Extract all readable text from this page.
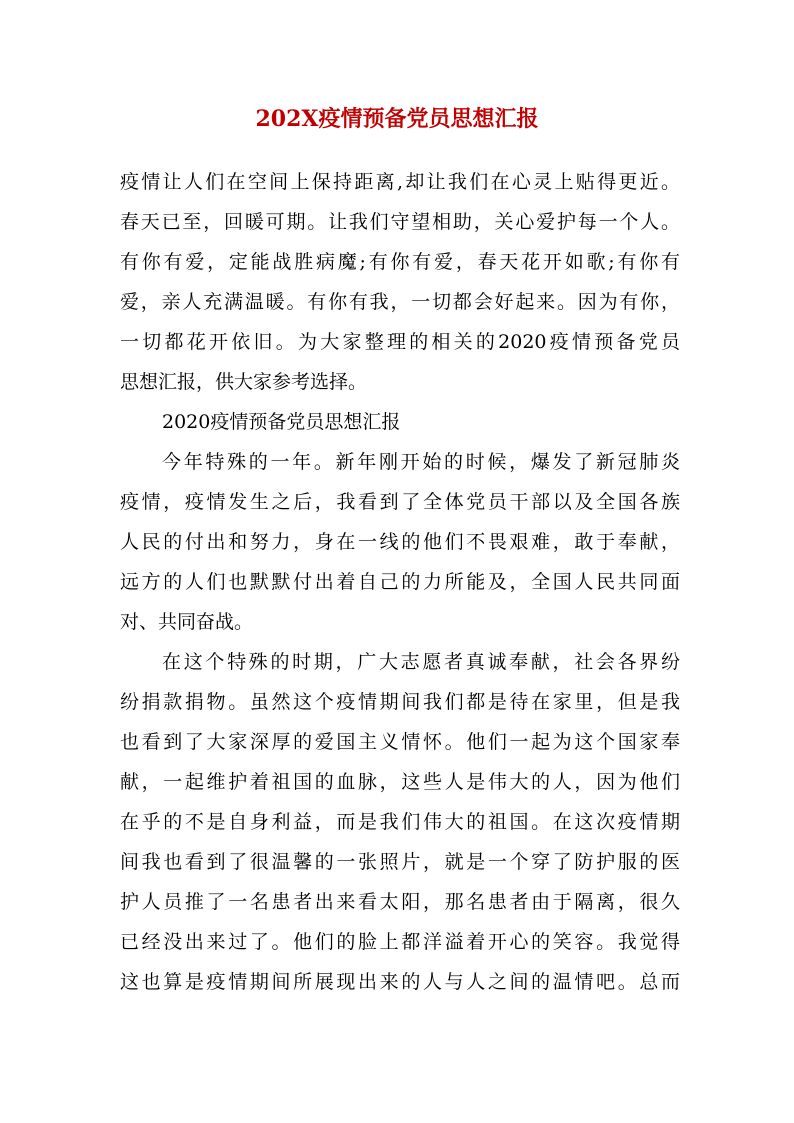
202X疫情预备党员思想汇报
疫情让人们在空间上保持距离,却让我们在心灵上贴得更近。
春天已至，回暖可期。让我们守望相助，关心爱护每一个人。
有你有爱，定能战胜病魔;有你有爱，春天花开如歌;有你有
爱，亲人充满温暖。有你有我，一切都会好起来。因为有你，
一切都花开依旧。为大家整理的相关的2020疫情预备党员
思想汇报，供大家参考选择。
2020疫情预备党员思想汇报
今年特殊的一年。新年刚开始的时候，爆发了新冠肺炎
疫情，疫情发生之后，我看到了全体党员干部以及全国各族
人民的付出和努力，身在一线的他们不畏艰难，敢于奉献，
远方的人们也默默付出着自己的力所能及，全国人民共同面
对、共同奋战。
在这个特殊的时期，广大志愿者真诚奉献，社会各界纷
纷捐款捐物。虽然这个疫情期间我们都是待在家里，但是我
也看到了大家深厚的爱国主义情怀。他们一起为这个国家奉
献，一起维护着祖国的血脉，这些人是伟大的人，因为他们
在乎的不是自身利益，而是我们伟大的祖国。在这次疫情期
间我也看到了很温馨的一张照片，就是一个穿了防护服的医
护人员推了一名患者出来看太阳，那名患者由于隔离，很久
已经没出来过了。他们的脸上都洋溢着开心的笑容。我觉得
这也算是疫情期间所展现出来的人与人之间的温情吧。总而
